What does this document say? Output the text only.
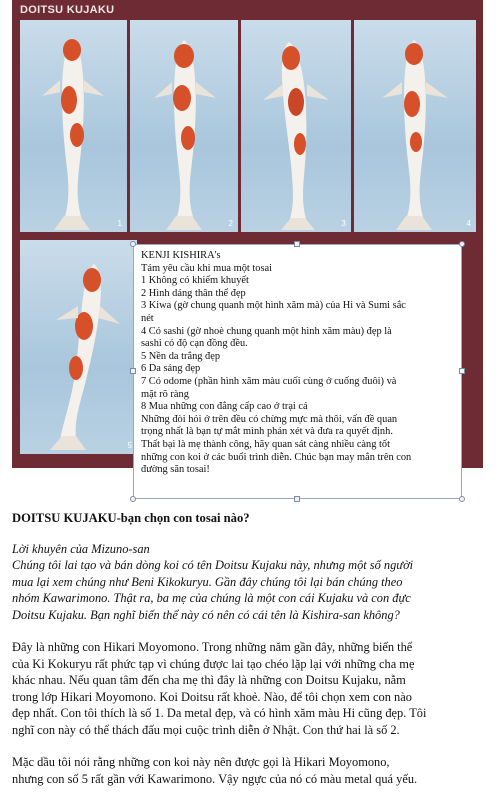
DOITSU KUJAKU
1	2	3	4
5
KENJI KISHIRA's
Tám yêu cầu khi mua một tosai
1 Không có khiếm khuyết
2 Hình dáng thân thể đẹp
3 Kiwa (gờ chung quanh một hình xăm mà) của Hi và Sumi sắc
nét
4 Có sashi (gờ nhoè chung quanh một hình xăm màu) đẹp là
sashi có độ cạn đồng đều.
5 Nền da trắng đẹp
6 Da sáng đẹp
7 Có odome (phần hình xăm màu cuối cùng ở cuống đuôi) và
mặt rõ ràng
8 Mua những con đẳng cấp cao ở trại cá
Những đòi hỏi ở trên đều có chừng mực mà thôi, vấn đề quan
trọng nhất là bạn tự mắt mình phán xét và đưa ra quyết định.
Thất bại là mẹ thành công, hãy quan sát càng nhiều càng tốt
những con koi ở các buổi trình diễn. Chúc bạn may mắn trên con
đường săn tosai!
DOITSU KUJAKU-bạn chọn con tosai nào?
Lời khuyên của Mizuno-san
Chúng tôi lai tạo và bán dòng koi có tên Doitsu Kujaku này, nhưng một số người
mua lại xem chúng như Beni Kikokuryu. Gần đây chúng tôi lại bán chúng theo
nhóm Kawarimono. Thật ra, ba mẹ của chúng là một con cái Kujaku và con đực
Doitsu Kujaku. Bạn nghĩ biến thể này có nên có cái tên là Kishira-san không?
Đây là những con Hikari Moyomono. Trong những năm gần đây, những biến thể
của Ki Kokuryu rất phức tạp vì chúng được lai tạo chéo lặp lại với những cha mẹ
khác nhau. Nếu quan tâm đến cha mẹ thì đây là những con Doitsu Kujaku, nằm
trong lớp Hikari Moyomono. Koi Doitsu rất khoẻ. Nào, để tôi chọn xem con nào
đẹp nhất. Con tôi thích là số 1. Da metal đẹp, và có hình xăm màu Hi cũng đẹp. Tôi
nghĩ con này có thể thách đấu mọi cuộc trình diễn ở Nhật. Con thứ hai là số 2.
Mặc dầu tôi nói rằng những con koi này nên được gọi là Hikari Moyomono,
nhưng con số 5 rất gần với Kawarimono. Vậy ngực của nó có màu metal quá yếu.
